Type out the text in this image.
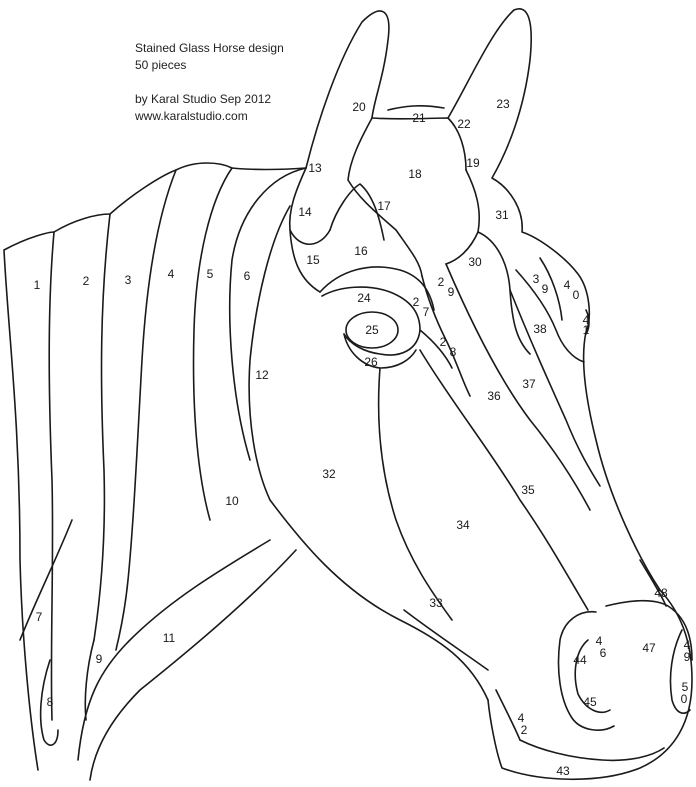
Stained Glass Horse design
50 pieces
by Karal Studio Sep 2012
www.karalstudio.com
1	2	3	4	5	6
7
8
9
10
11
12
13
14
15
16
17
18
19
20
21	22
23
24
25
26
2
7
2
8
2
9
30
31
32
33
34
35
36
37
38
3
9 4
0
4
1
4
2
43
44
45
4
6	47
48
4
9
5
0
